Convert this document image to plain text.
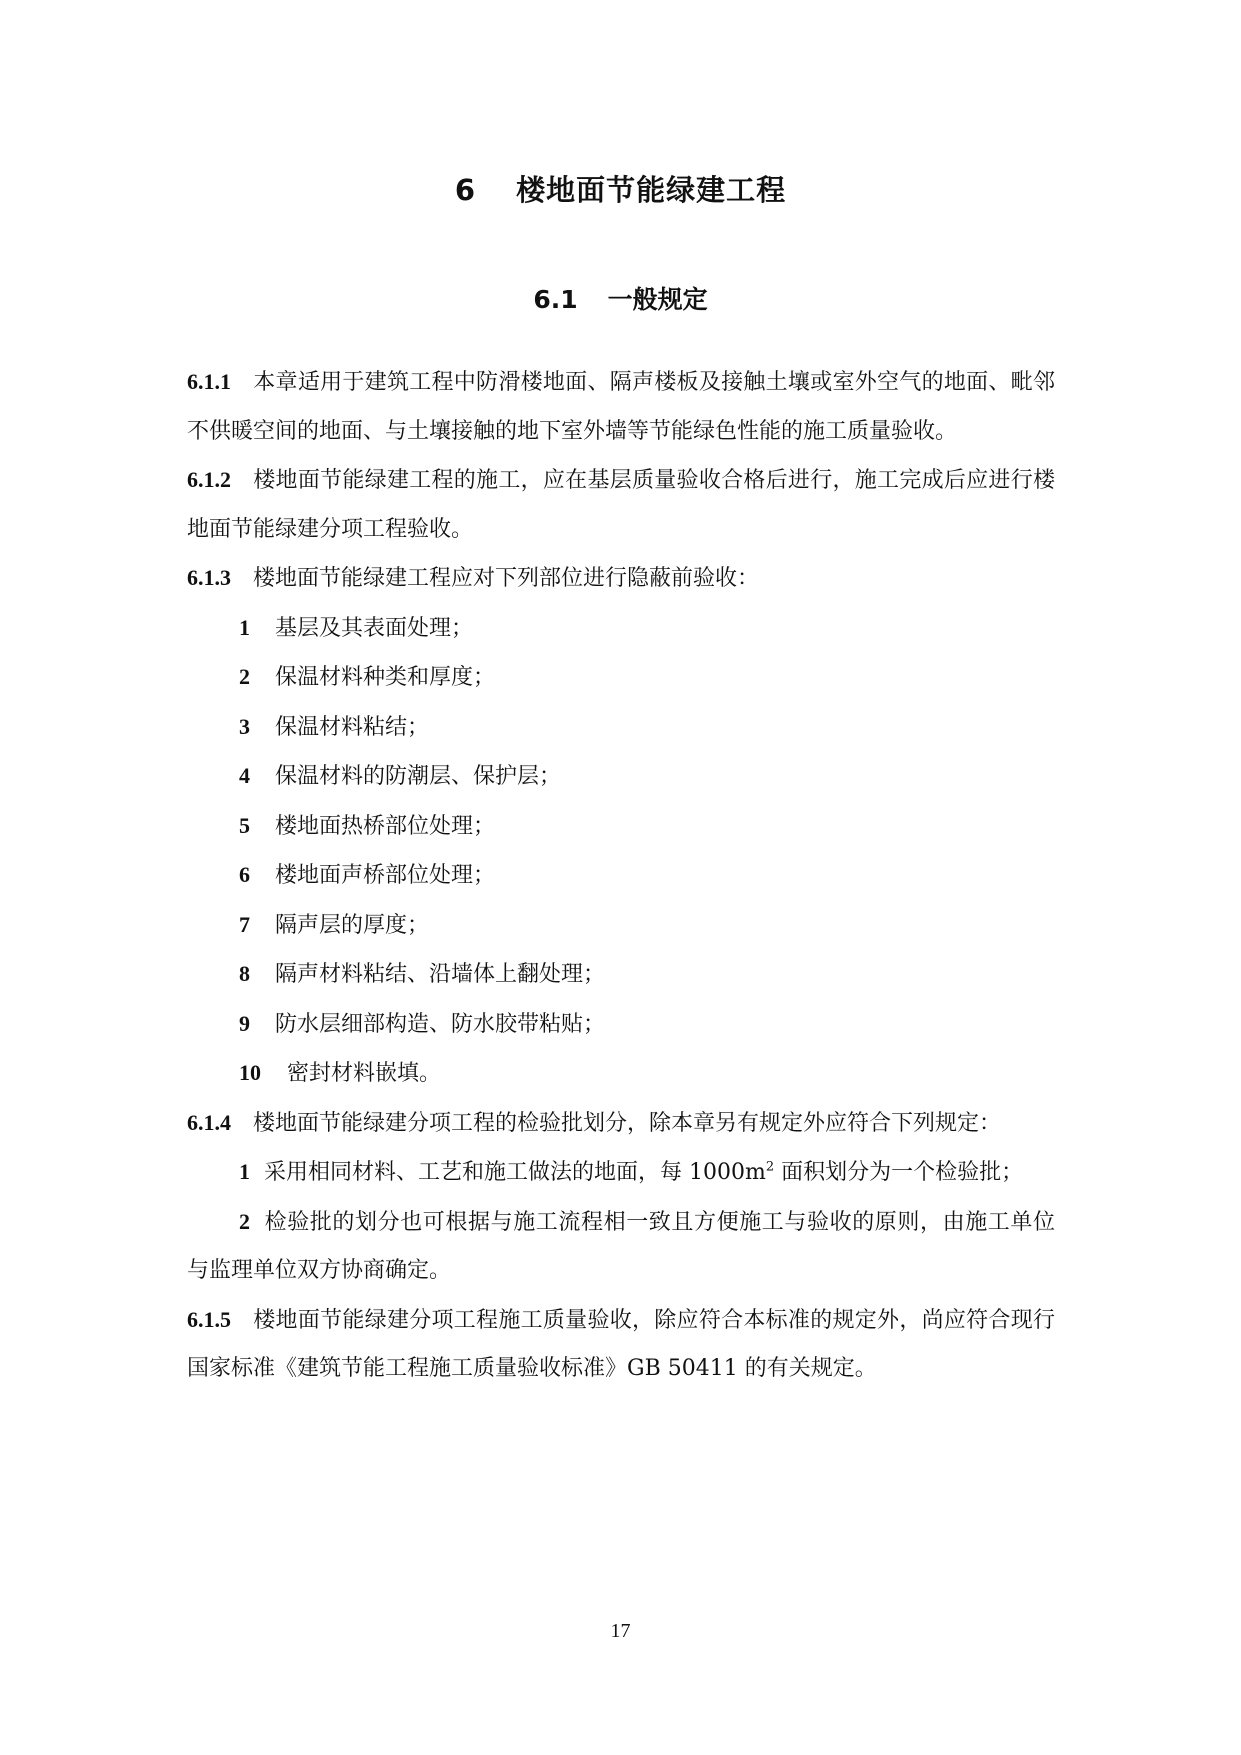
6 楼地面节能绿建工程
6.1 一般规定

6.1.1 本章适用于建筑工程中防滑楼地面、隔声楼板及接触土壤或室外空气的地面、毗邻不供暖空间的地面、与土壤接触的地下室外墙等节能绿色性能的施工质量验收。

6.1.2 楼地面节能绿建工程的施工，应在基层质量验收合格后进行，施工完成后应进行楼地面节能绿建分项工程验收。

6.1.3 楼地面节能绿建工程应对下列部位进行隐蔽前验收：

1 基层及其表面处理；

2 保温材料种类和厚度；

3 保温材料粘结；

4 保温材料的防潮层、保护层；

5 楼地面热桥部位处理；

6 楼地面声桥部位处理；

7 隔声层的厚度；

8 隔声材料粘结、沿墙体上翻处理；

9 防水层细部构造、防水胶带粘贴；

10 密封材料嵌填。

6.1.4 楼地面节能绿建分项工程的检验批划分，除本章另有规定外应符合下列规定：

1 采用相同材料、工艺和施工做法的地面，每 $1000m^2$ 面积划分为一个检验批；

2 检验批的划分也可根据与施工流程相一致且方便施工与验收的原则，由施工单位与监理单位双方协商确定。

6.1.5 楼地面节能绿建分项工程施工质量验收，除应符合本标准的规定外，尚应符合现行国家标准《建筑节能工程施工质量验收标准》GB 50411 的有关规定。

17
